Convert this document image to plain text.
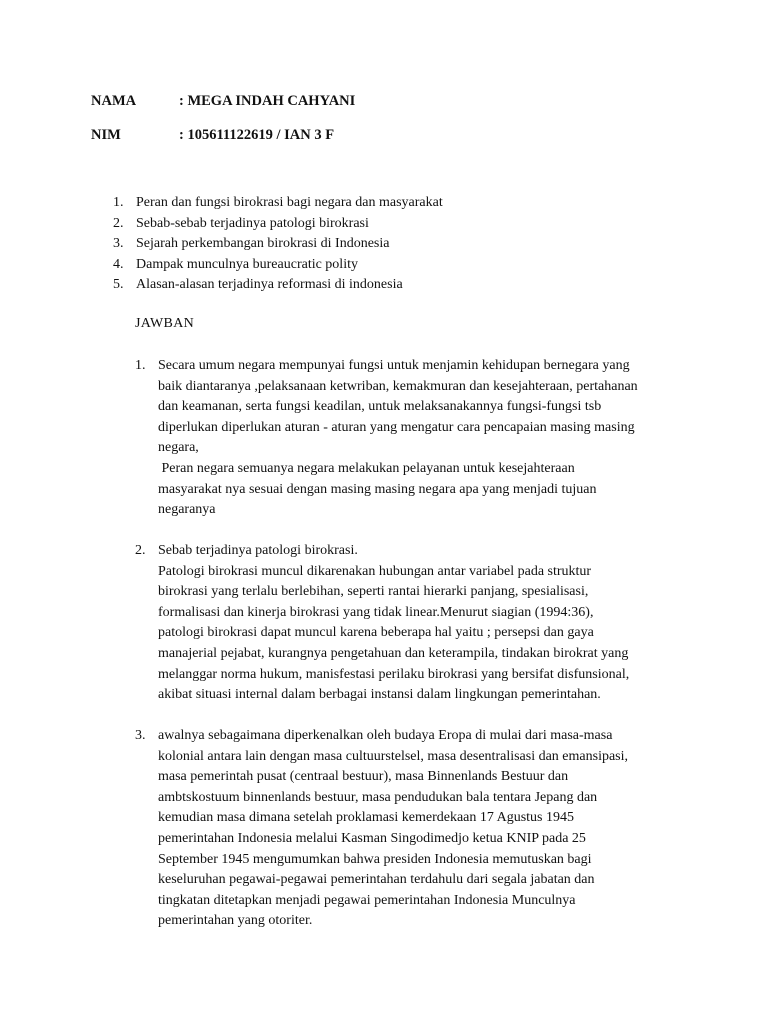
NAMA	: MEGA INDAH CAHYANI
NIM	: 105611122619 / IAN 3 F
1. Peran dan fungsi birokrasi bagi negara dan masyarakat
2. Sebab-sebab terjadinya patologi birokrasi
3. Sejarah perkembangan birokrasi di Indonesia
4. Dampak munculnya bureaucratic polity
5. Alasan-alasan terjadinya reformasi di indonesia
JAWBAN
1. Secara umum negara mempunyai fungsi untuk menjamin kehidupan bernegara yang

baik diantaranya ,pelaksanaan ketwriban, kemakmuran dan kesejahteraan, pertahanan

dan keamanan, serta fungsi keadilan, untuk melaksanakannya fungsi-fungsi tsb

diperlukan diperlukan aturan - aturan yang mengatur cara pencapaian masing masing

negara,

Peran negara semuanya negara melakukan pelayanan untuk kesejahteraan

masyarakat nya sesuai dengan masing masing negara apa yang menjadi tujuan

negaranya

2. Sebab terjadinya patologi birokrasi.

Patologi birokrasi muncul dikarenakan hubungan antar variabel pada struktur

birokrasi yang terlalu berlebihan, seperti rantai hierarki panjang, spesialisasi,

formalisasi dan kinerja birokrasi yang tidak linear.Menurut siagian (1994:36),

patologi birokrasi dapat muncul karena beberapa hal yaitu ; persepsi dan gaya

manajerial pejabat, kurangnya pengetahuan dan keterampila, tindakan birokrat yang

melanggar norma hukum, manisfestasi perilaku birokrasi yang bersifat disfunsional,

akibat situasi internal dalam berbagai instansi dalam lingkungan pemerintahan.

3. awalnya sebagaimana diperkenalkan oleh budaya Eropa di mulai dari masa-masa

kolonial antara lain dengan masa cultuurstelsel, masa desentralisasi dan emansipasi,

masa pemerintah pusat (centraal bestuur), masa Binnenlands Bestuur dan

ambtskostuum binnenlands bestuur, masa pendudukan bala tentara Jepang dan

kemudian masa dimana setelah proklamasi kemerdekaan 17 Agustus 1945

pemerintahan Indonesia melalui Kasman Singodimedjo ketua KNIP pada 25

September 1945 mengumumkan bahwa presiden Indonesia memutuskan bagi

keseluruhan pegawai-pegawai pemerintahan terdahulu dari segala jabatan dan

tingkatan ditetapkan menjadi pegawai pemerintahan Indonesia Munculnya

pemerintahan yang otoriter.
